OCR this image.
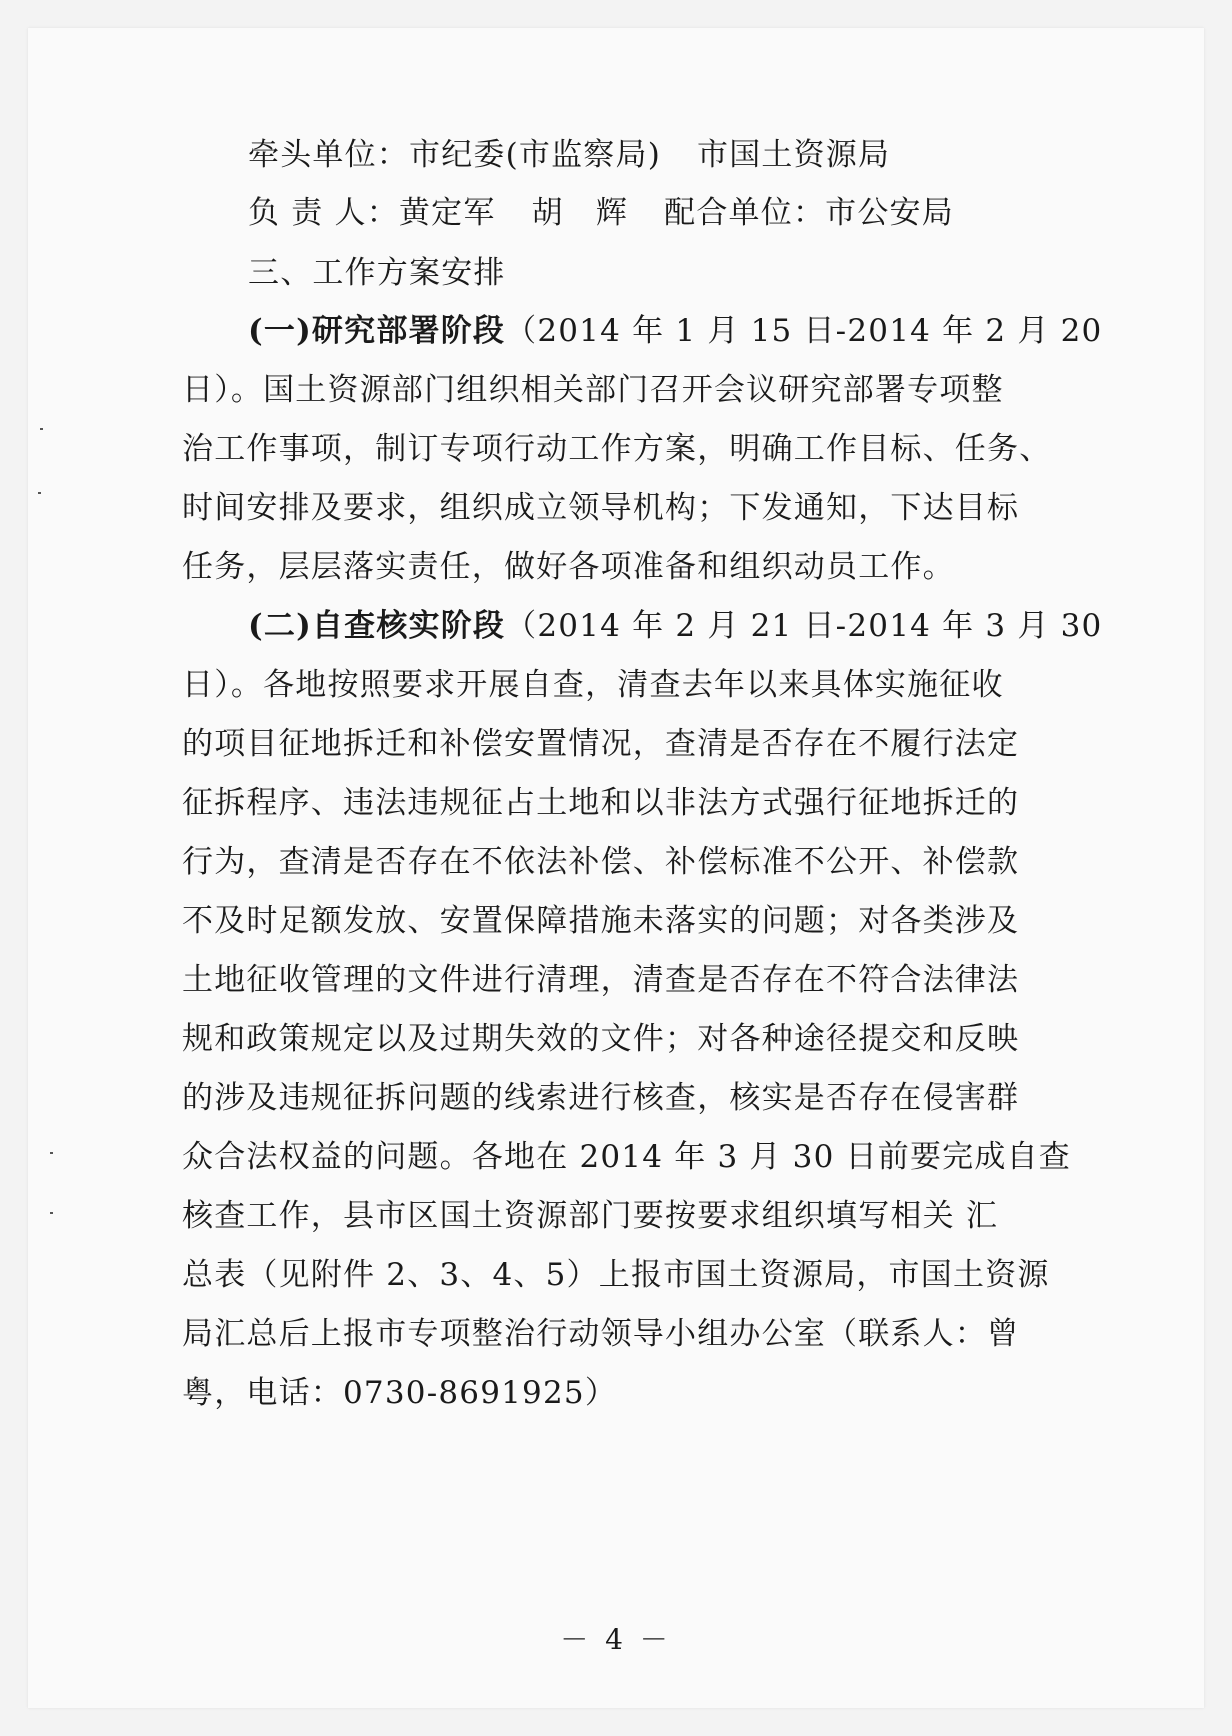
牵头单位：市纪委(市监察局) 市国土资源局
负 责 人：黄定军 胡　辉 配合单位：市公安局
三、工作方案安排
(一)研究部署阶段（2014 年 1 月 15 日-2014 年 2 月 20
日）。国土资源部门组织相关部门召开会议研究部署专项整
治工作事项，制订专项行动工作方案，明确工作目标、任务、
时间安排及要求，组织成立领导机构；下发通知，下达目标
任务，层层落实责任，做好各项准备和组织动员工作。
(二)自查核实阶段（2014 年 2 月 21 日-2014 年 3 月 30
日）。各地按照要求开展自查，清查去年以来具体实施征收
的项目征地拆迁和补偿安置情况，查清是否存在不履行法定
征拆程序、违法违规征占土地和以非法方式强行征地拆迁的
行为，查清是否存在不依法补偿、补偿标准不公开、补偿款
不及时足额发放、安置保障措施未落实的问题；对各类涉及
土地征收管理的文件进行清理，清查是否存在不符合法律法
规和政策规定以及过期失效的文件；对各种途径提交和反映
的涉及违规征拆问题的线索进行核查，核实是否存在侵害群
众合法权益的问题。各地在 2014 年 3 月 30 日前要完成自查
核查工作，县市区国土资源部门要按要求组织填写相关 汇
总表（见附件 2、3、4、5）上报市国土资源局，市国土资源
局汇总后上报市专项整治行动领导小组办公室（联系人：曾
粤，电话：0730-8691925）
－ 4 －
